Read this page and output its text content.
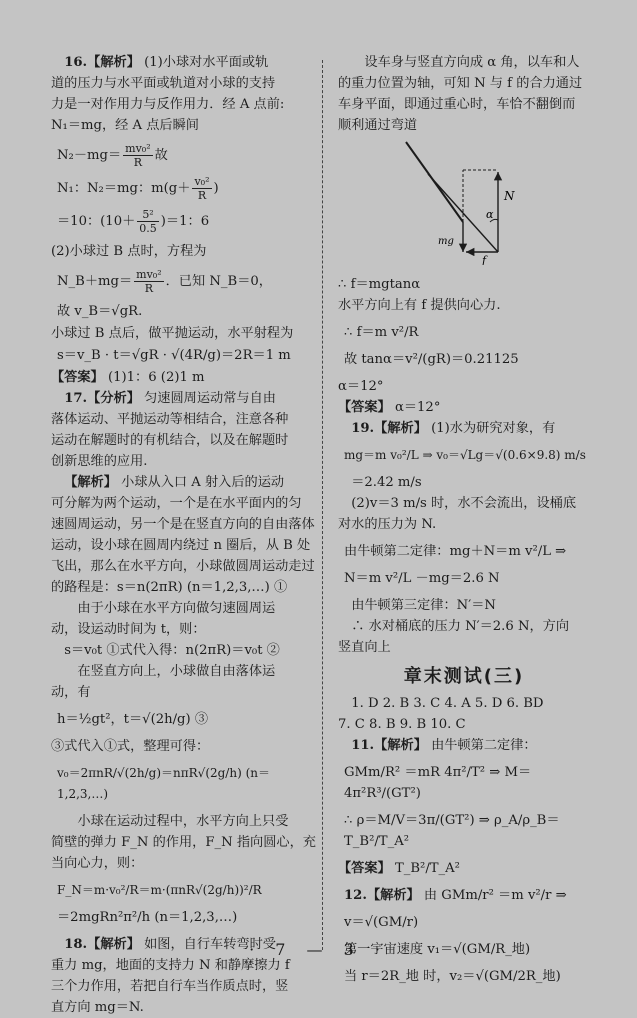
16.【解析】 (1)小球对水平面或轨

道的压力与水平面或轨道对小球的支持

力是一对作用力与反作用力．经 A 点前:

N₁＝mg，经 A 点后瞬间

$N_2-mg= \frac{\text{mv₀²}}{R}$ 故

N₁：N₂＝mg：$m(g+ \frac{\text{v₀²}}{R}$ )

＝10：$(10+ \frac{\text{5²}}{0.5} )=1$：6

(2)小球过 B 点时，方程为

N_B＋mg＝ $\frac{\text{mv₀²}}{R}$ ．已知 N_B＝0，

故 v_B＝√gR.

小球过 B 点后，做平抛运动，水平射程为

s＝v_B · t＝√gR · √(4R/g)＝2R＝1 m

【答案】 (1)1：6 (2)1 m

17.【分析】 匀速圆周运动常与自由

落体运动、平抛运动等相结合，注意各种

运动在解题时的有机结合，以及在解题时

创新思维的应用.

【解析】 小球从入口 A 射入后的运动

可分解为两个运动，一个是在水平面内的匀

速圆周运动，另一个是在竖直方向的自由落体

运动，设小球在圆周内绕过 n 圈后，从 B 处

飞出，那么在水平方向，小球做圆周运动走过

的路程是：s＝n(2πR) (n＝1,2,3,…) ①

由于小球在水平方向做匀速圆周运

动，设运动时间为 t，则：

s＝v₀t ①式代入得：n(2πR)＝v₀t ②

在竖直方向上，小球做自由落体运

动，有

h＝½gt²，t＝√(2h/g) ③

③式代入①式，整理可得：

v₀＝2πnR/√(2h/g)＝nπR√(2g/h) (n＝1,2,3,…)

小球在运动过程中，水平方向上只受

简壁的弹力 F_N 的作用，F_N 指向圆心，充

当向心力，则：

F_N＝m·v₀²/R＝m·(πnR√(2g/h))²/R

＝2mgRn²π²/h (n＝1,2,3,…)

18.【解析】 如图，自行车转弯时受

重力 mg，地面的支持力 N 和静摩擦力 f

三个力作用，若把自行车当作质点时，竖

直方向 mg＝N.

设车身与竖直方向成 α 角，以车和人

的重力位置为轴，可知 N 与 f 的合力通过

车身平面，即通过重心时，车恰不翻倒而

顺利通过弯道

N
α
mg
f

∴ f＝mgtanα

水平方向上有 f 提供向心力.

∴ f＝m v²/R

故 tanα＝v²/(gR)＝0.21125

α＝12°

【答案】 α＝12°

19.【解析】 (1)水为研究对象，有

mg＝m v₀²/L ⇒ v₀＝√Lg＝√(0.6×9.8) m/s

＝2.42 m/s

(2)v＝3 m/s 时，水不会流出，设桶底

对水的压力为 N.

由牛顿第二定律：mg＋N＝m v²/L ⇒

N＝m v²/L －mg＝2.6 N

由牛顿第三定律：N′＝N

∴ 水对桶底的压力 N′＝2.6 N，方向

竖直向上

章末测试(三)

1. D 2. B 3. C 4. A 5. D 6. BD

7. C 8. B 9. B 10. C

11.【解析】 由牛顿第二定律：

GMm/R² ＝mR 4π²/T² ⇒ M＝4π²R³/(GT²)

∴ ρ＝M/V＝3π/(GT²) ⇒ ρ_A/ρ_B＝T_B²/T_A²

【答案】 T_B²/T_A²

12.【解析】 由 GMm/r² ＝m v²/r ⇒

v＝√(GM/r)

第一宇宙速度 v₁＝√(GM/R_地)

当 r＝2R_地 时，v₂＝√(GM/2R_地)

· 7 — 3 ·
